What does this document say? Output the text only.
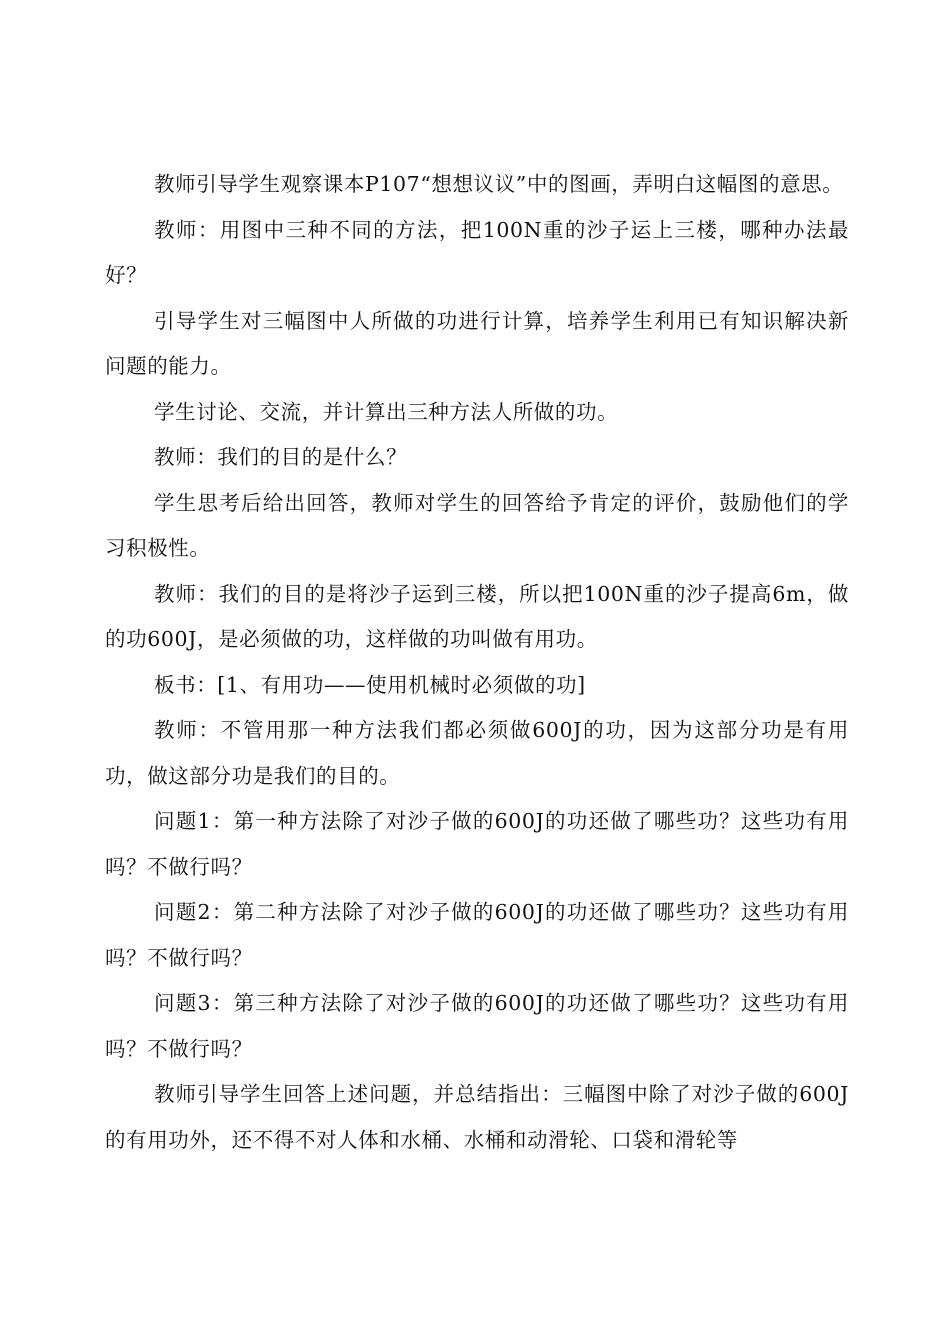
教师引导学生观察课本P107“想想议议”中的图画，弄明白这幅图的意思。

教师：用图中三种不同的方法，把100N重的沙子运上三楼，哪种办法最好？

引导学生对三幅图中人所做的功进行计算，培养学生利用已有知识解决新问题的能力。

学生讨论、交流，并计算出三种方法人所做的功。

教师：我们的目的是什么？

学生思考后给出回答，教师对学生的回答给予肯定的评价，鼓励他们的学习积极性。

教师：我们的目的是将沙子运到三楼，所以把100N重的沙子提高6m，做的功600J，是必须做的功，这样做的功叫做有用功。

板书：[1、有用功——使用机械时必须做的功]

教师：不管用那一种方法我们都必须做600J的功，因为这部分功是有用功，做这部分功是我们的目的。

问题1：第一种方法除了对沙子做的600J的功还做了哪些功？这些功有用吗？不做行吗？

问题2：第二种方法除了对沙子做的600J的功还做了哪些功？这些功有用吗？不做行吗？

问题3：第三种方法除了对沙子做的600J的功还做了哪些功？这些功有用吗？不做行吗？

教师引导学生回答上述问题，并总结指出：三幅图中除了对沙子做的600J的有用功外，还不得不对人体和水桶、水桶和动滑轮、口袋和滑轮等
